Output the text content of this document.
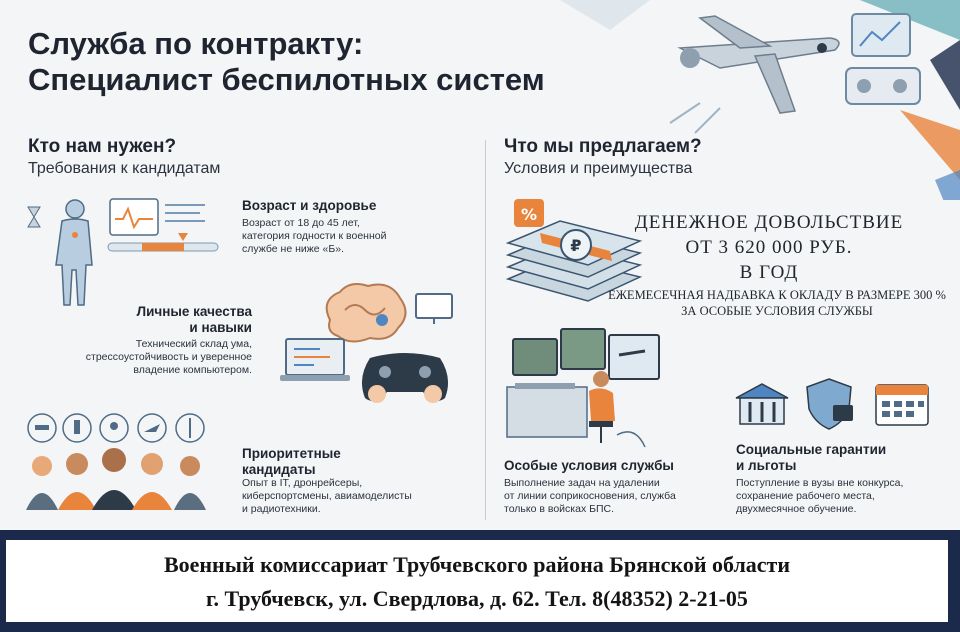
Служба по контракту:
Специалист беспилотных систем
Кто нам нужен?
Требования к кандидатам
Возраст и здоровье
Возраст от 18 до 45 лет,
категория годности к военной
службе не ниже «Б».
Личные качества
и навыки
Технический склад ума,
стрессоустойчивость и уверенное
владение компьютером.
Приоритетные
кандидаты
Опыт в IT, дронрейсеры,
киберспортсмены, авиамоделисты
и радиотехники.
Что мы предлагаем?
Условия и преимущества
₽
%	ДЕНЕЖНОЕ ДОВОЛЬСТВИЕ
ОТ 3 620 000 РУБ.
В ГОД
ЕЖЕМЕСЕЧНАЯ НАДБАВКА К ОКЛАДУ В РАЗМЕРЕ 300 %
ЗА ОСОБЫЕ УСЛОВИЯ СЛУЖБЫ
Особые условия службы
Выполнение задач на удалении
от линии соприкосновения, служба
только в войсках БПС.
Социальные гарантии
и льготы
Поступление в вузы вне конкурса,
сохранение рабочего места,
двухмесячное обучение.
Военный комиссариат Трубчевского района Брянской области
г. Трубчевск, ул. Свердлова, д. 62. Тел. 8(48352) 2-21-05
